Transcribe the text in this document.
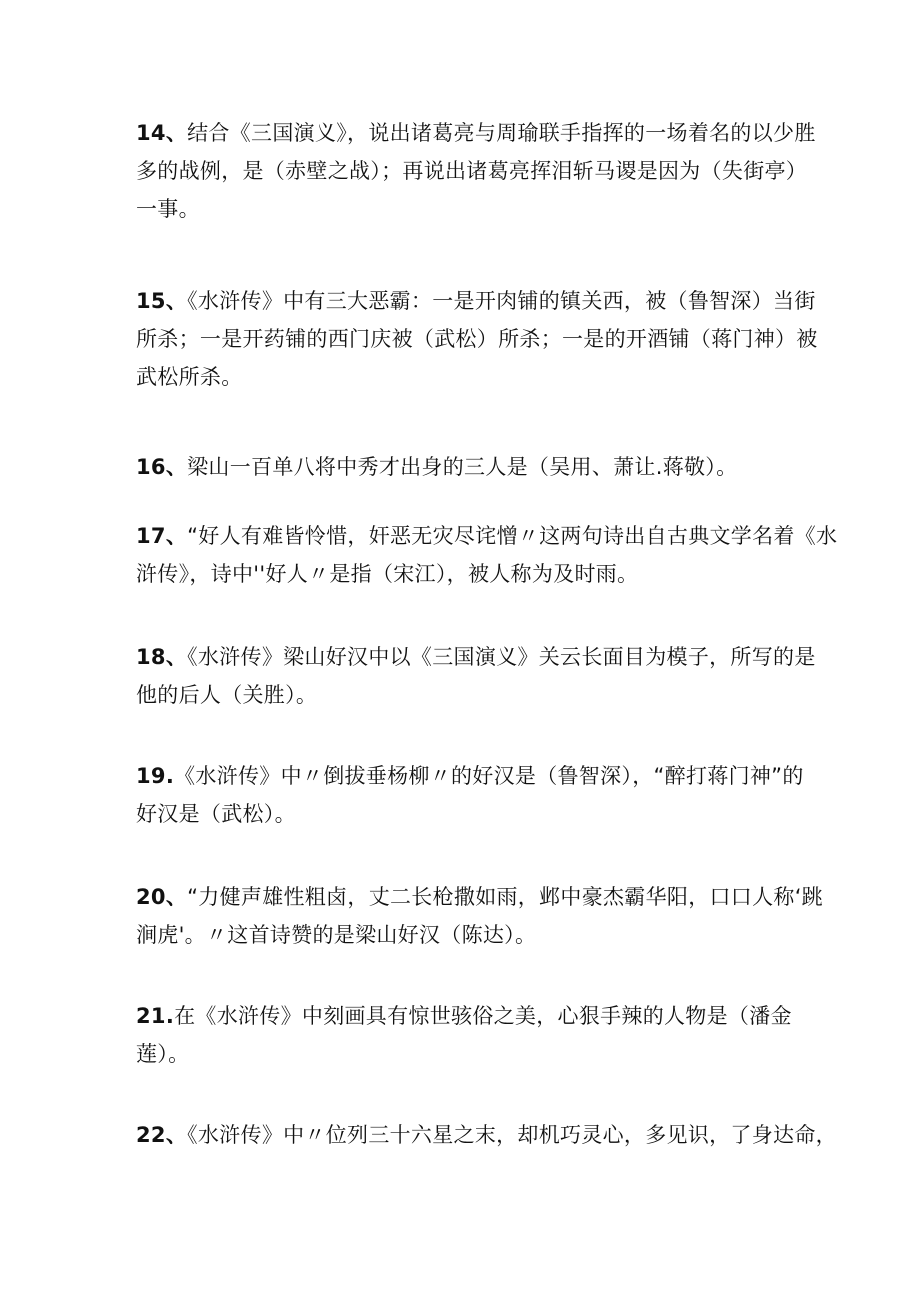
14、结合《三国演义》，说出诸葛亮与周瑜联手指挥的一场着名的以少胜
多的战例，是（赤壁之战）；再说出诸葛亮挥泪斩马谡是因为（失街亭）
一事。
15、《水浒传》中有三大恶霸：一是开肉铺的镇关西，被（鲁智深）当街
所杀；一是开药铺的西门庆被（武松）所杀；一是的开酒铺（蒋门神）被
武松所杀。
16、梁山一百单八将中秀才出身的三人是（吴用、萧让.蒋敬）。
17、“好人有难皆怜惜，奸恶无灾尽诧憎〃这两句诗出自古典文学名着《水
浒传》，诗中''好人〃是指（宋江），被人称为及时雨。
18、《水浒传》梁山好汉中以《三国演义》关云长面目为模子，所写的是
他的后人（关胜）。
19.《水浒传》中〃倒拔垂杨柳〃的好汉是（鲁智深），“醉打蒋门神”的
好汉是（武松）。
20、“力健声雄性粗卤，丈二长枪撒如雨，邺中豪杰霸华阳，口口人称‘跳
涧虎'。〃这首诗赞的是梁山好汉（陈达）。
21.在《水浒传》中刻画具有惊世骇俗之美，心狠手辣的人物是（潘金
莲）。
22、《水浒传》中〃位列三十六星之末，却机巧灵心，多见识，了身达命，
